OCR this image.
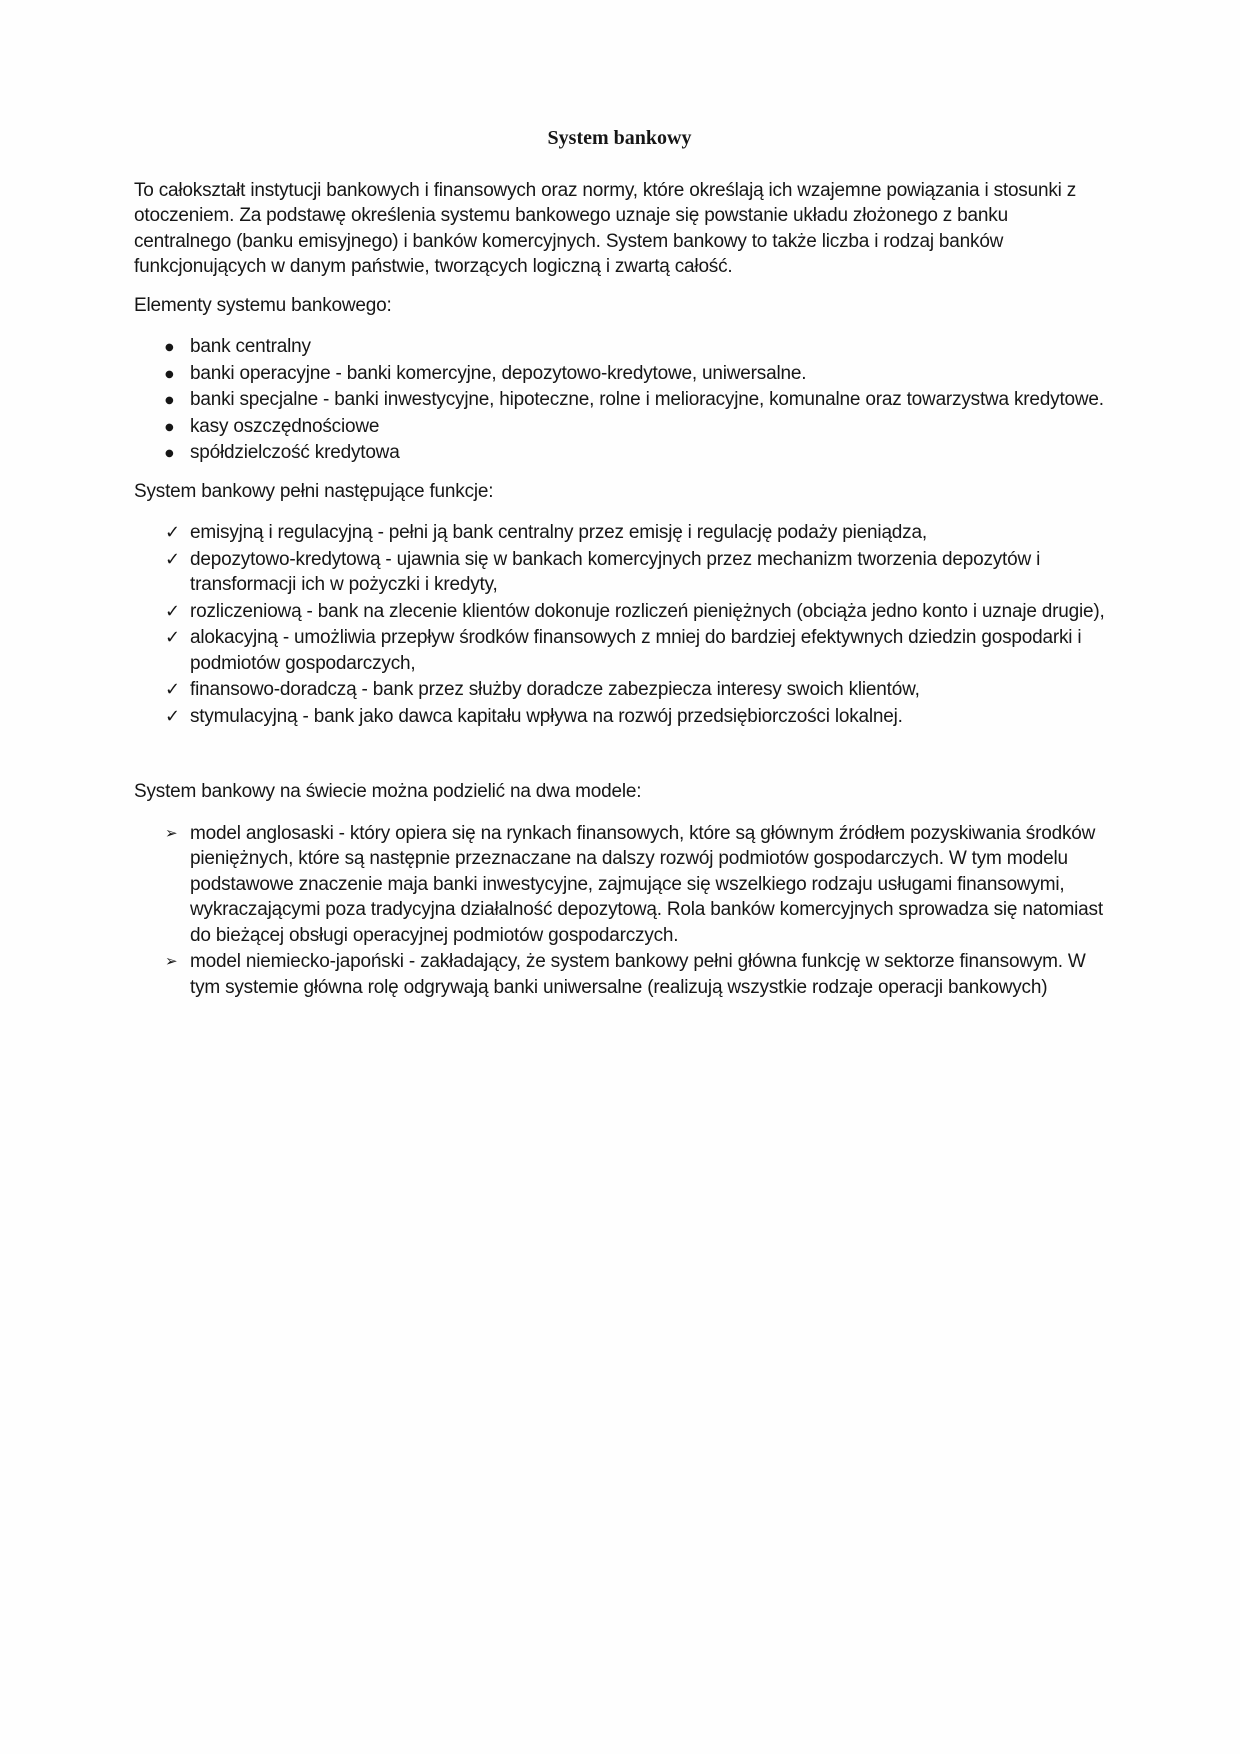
System bankowy

To całokształt instytucji bankowych i finansowych oraz normy, które określają ich wzajemne powiązania i stosunki z otoczeniem. Za podstawę określenia systemu bankowego uznaje się powstanie układu złożonego z banku centralnego (banku emisyjnego) i banków komercyjnych. System bankowy to także liczba i rodzaj banków funkcjonujących w danym państwie, tworzących logiczną i zwartą całość.

Elementy systemu bankowego:

● bank centralny
● banki operacyjne - banki komercyjne, depozytowo-kredytowe, uniwersalne.
● banki specjalne - banki inwestycyjne, hipoteczne, rolne i melioracyjne, komunalne oraz towarzystwa kredytowe.
● kasy oszczędnościowe
● spółdzielczość kredytowa

System bankowy pełni następujące funkcje:

✓ emisyjną i regulacyjną - pełni ją bank centralny przez emisję i regulację podaży pieniądza,
✓ depozytowo-kredytową - ujawnia się w bankach komercyjnych przez mechanizm tworzenia depozytów i transformacji ich w pożyczki i kredyty,
✓ rozliczeniową - bank na zlecenie klientów dokonuje rozliczeń pieniężnych (obciąża jedno konto i uznaje drugie),
✓ alokacyjną - umożliwia przepływ środków finansowych z mniej do bardziej efektywnych dziedzin gospodarki i podmiotów gospodarczych,
✓ finansowo-doradczą - bank przez służby doradcze zabezpiecza interesy swoich klientów,
✓ stymulacyjną - bank jako dawca kapitału wpływa na rozwój przedsiębiorczości lokalnej.

System bankowy na świecie można podzielić na dwa modele:

➢ model anglosaski - który opiera się na rynkach finansowych, które są głównym źródłem pozyskiwania środków pieniężnych, które są następnie przeznaczane na dalszy rozwój podmiotów gospodarczych. W tym modelu podstawowe znaczenie maja banki inwestycyjne, zajmujące się wszelkiego rodzaju usługami finansowymi, wykraczającymi poza tradycyjna działalność depozytową. Rola banków komercyjnych sprowadza się natomiast do bieżącej obsługi operacyjnej podmiotów gospodarczych.
➢ model niemiecko-japoński - zakładający, że system bankowy pełni główna funkcję w sektorze finansowym. W tym systemie główna rolę odgrywają banki uniwersalne (realizują wszystkie rodzaje operacji bankowych)
